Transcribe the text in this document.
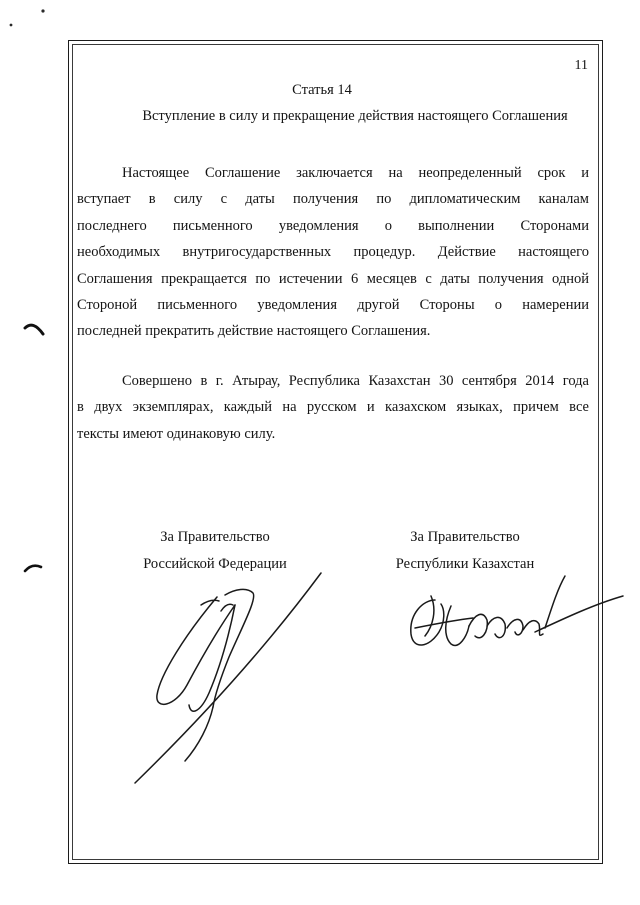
11
Статья 14
Вступление в силу и прекращение действия настоящего Соглашения
Настоящее Соглашение заключается на неопределенный срок и
вступает в силу с даты получения по дипломатическим каналам
последнего письменного уведомления о выполнении Сторонами
необходимых внутригосударственных процедур. Действие настоящего
Соглашения прекращается по истечении 6 месяцев с даты получения одной
Стороной письменного уведомления другой Стороны о намерении
последней прекратить действие настоящего Соглашения.
Совершено в г. Атырау, Республика Казахстан 30 сентября 2014 года
в двух экземплярах, каждый на русском и казахском языках, причем все
тексты имеют одинаковую силу.
За Правительство
Российской Федерации
За Правительство
Республики Казахстан
